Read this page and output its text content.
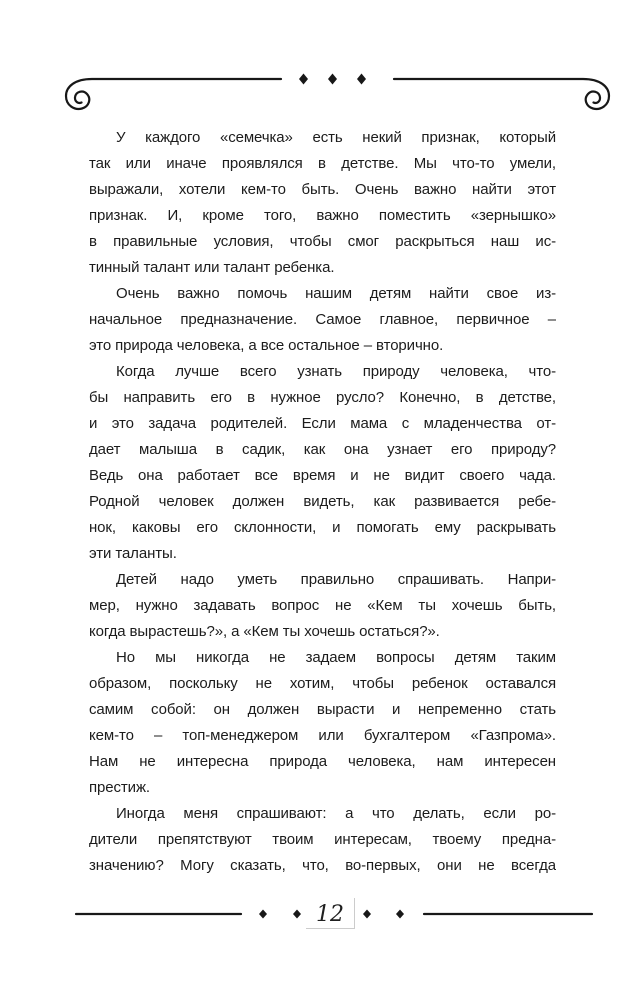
У каждого «семечка» есть некий признак, который
так или иначе проявлялся в детстве. Мы что-то умели,
выражали, хотели кем-то быть. Очень важно найти этот
признак. И, кроме того, важно поместить «зернышко»
в правильные условия, чтобы смог раскрыться наш ис-
тинный талант или талант ребенка.
Очень важно помочь нашим детям найти свое из-
начальное предназначение. Самое главное, первичное –
это природа человека, а все остальное – вторично.
Когда лучше всего узнать природу человека, что-
бы направить его в нужное русло? Конечно, в детстве,
и это задача родителей. Если мама с младенчества от-
дает малыша в садик, как она узнает его природу?
Ведь она работает все время и не видит своего чада.
Родной человек должен видеть, как развивается ребе-
нок, каковы его склонности, и помогать ему раскрывать
эти таланты.
Детей надо уметь правильно спрашивать. Напри-
мер, нужно задавать вопрос не «Кем ты хочешь быть,
когда вырастешь?», а «Кем ты хочешь остаться?».
Но мы никогда не задаем вопросы детям таким
образом, поскольку не хотим, чтобы ребенок оставался
самим собой: он должен вырасти и непременно стать
кем-то – топ-менеджером или бухгалтером «Газпрома».
Нам не интересна природа человека, нам интересен
престиж.
Иногда меня спрашивают: а что делать, если ро-
дители препятствуют твоим интересам, твоему предна-
значению? Могу сказать, что, во-первых, они не всегда
12
